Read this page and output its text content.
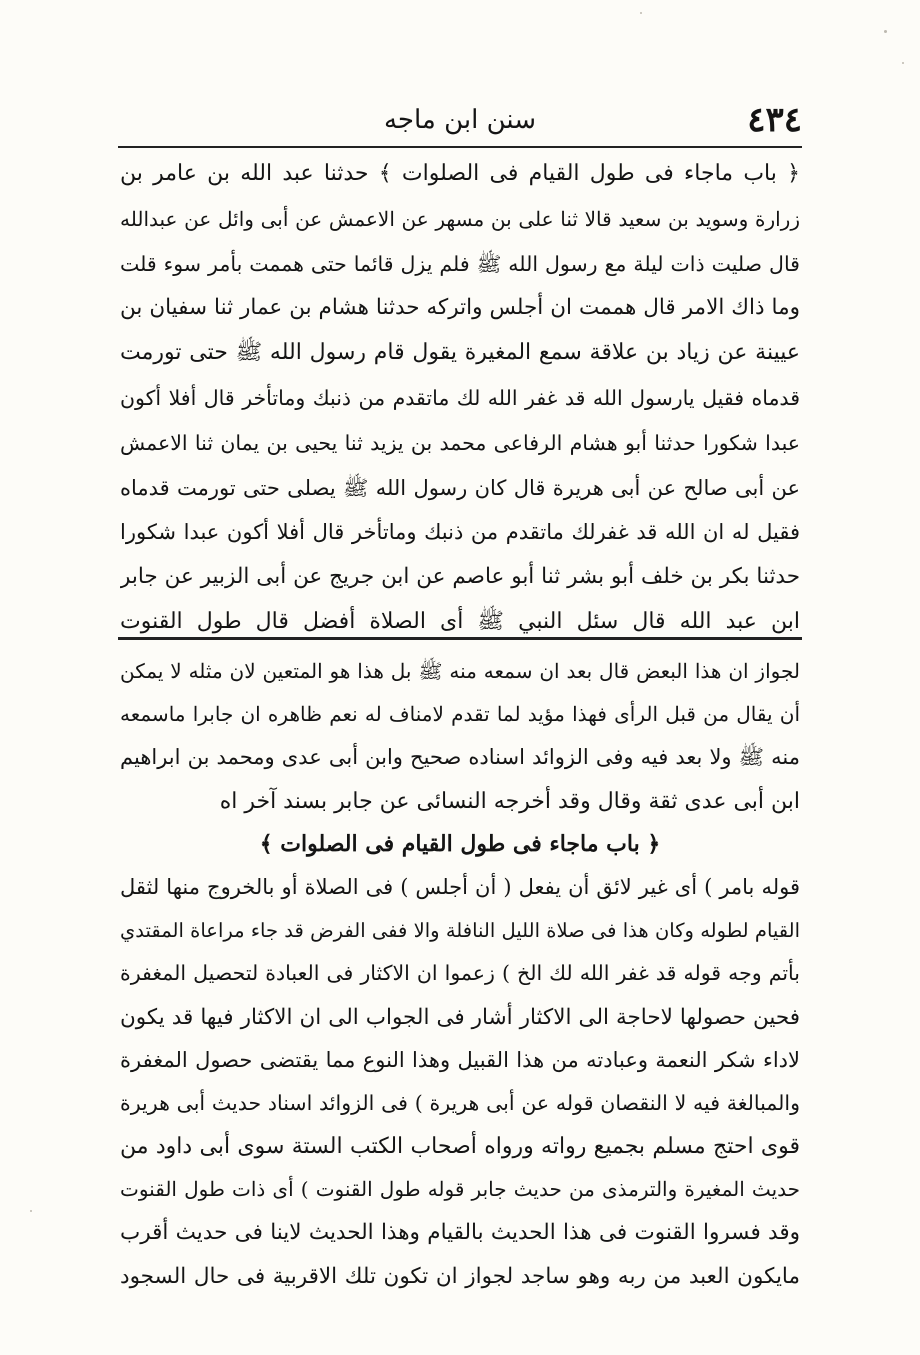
٤٣٤
سنن ابن ماجه
﴿ باب ماجاء فى طول القيام فى الصلوات ﴾ حدثنا عبد الله بن عامر بن
زرارة وسويد بن سعيد قالا ثنا على بن مسهر عن الاعمش عن أبى وائل عن عبدالله
قال صليت ذات ليلة مع رسول الله ﷺ فلم يزل قائما حتى هممت بأمر سوء قلت
وما ذاك الامر قال هممت ان أجلس واتركه حدثنا هشام بن عمار ثنا سفيان بن
عيينة عن زياد بن علاقة سمع المغيرة يقول قام رسول الله ﷺ حتى تورمت
قدماه فقيل يارسول الله قد غفر الله لك ماتقدم من ذنبك وماتأخر قال أفلا أكون
عبدا شكورا حدثنا أبو هشام الرفاعى محمد بن يزيد ثنا يحيى بن يمان ثنا الاعمش
عن أبى صالح عن أبى هريرة قال كان رسول الله ﷺ يصلى حتى تورمت قدماه
فقيل له ان الله قد غفرلك ماتقدم من ذنبك وماتأخر قال أفلا أكون عبدا شكورا
حدثنا بكر بن خلف أبو بشر ثنا أبو عاصم عن ابن جريج عن أبى الزبير عن جابر
ابن عبد الله قال سئل النبي ﷺ أى الصلاة أفضل قال طول القنوت
لجواز ان هذا البعض قال بعد ان سمعه منه ﷺ بل هذا هو المتعين لان مثله لا يمكن
أن يقال من قبل الرأى فهذا مؤيد لما تقدم لامناف له نعم ظاهره ان جابرا ماسمعه
منه ﷺ ولا بعد فيه وفى الزوائد اسناده صحيح وابن أبى عدى ومحمد بن ابراهيم
ابن أبى عدى ثقة وقال وقد أخرجه النسائى عن جابر بسند آخر اه
﴿ باب ماجاء فى طول القيام فى الصلوات ﴾
قوله بامر ) أى غير لائق أن يفعل ( أن أجلس ) فى الصلاة أو بالخروج منها لثقل
القيام لطوله وكان هذا فى صلاة الليل النافلة والا ففى الفرض قد جاء مراعاة المقتدي
بأتم وجه قوله قد غفر الله لك الخ ) زعموا ان الاكثار فى العبادة لتحصيل المغفرة
فحين حصولها لاحاجة الى الاكثار أشار فى الجواب الى ان الاكثار فيها قد يكون
لاداء شكر النعمة وعبادته من هذا القبيل وهذا النوع مما يقتضى حصول المغفرة
والمبالغة فيه لا النقصان قوله عن أبى هريرة ) فى الزوائد اسناد حديث أبى هريرة
قوى احتج مسلم بجميع رواته ورواه أصحاب الكتب الستة سوى أبى داود من
حديث المغيرة والترمذى من حديث جابر قوله طول القنوت ) أى ذات طول القنوت
وقد فسروا القنوت فى هذا الحديث بالقيام وهذا الحديث لاينا فى حديث أقرب
مايكون العبد من ربه وهو ساجد لجواز ان تكون تلك الاقربية فى حال السجود
